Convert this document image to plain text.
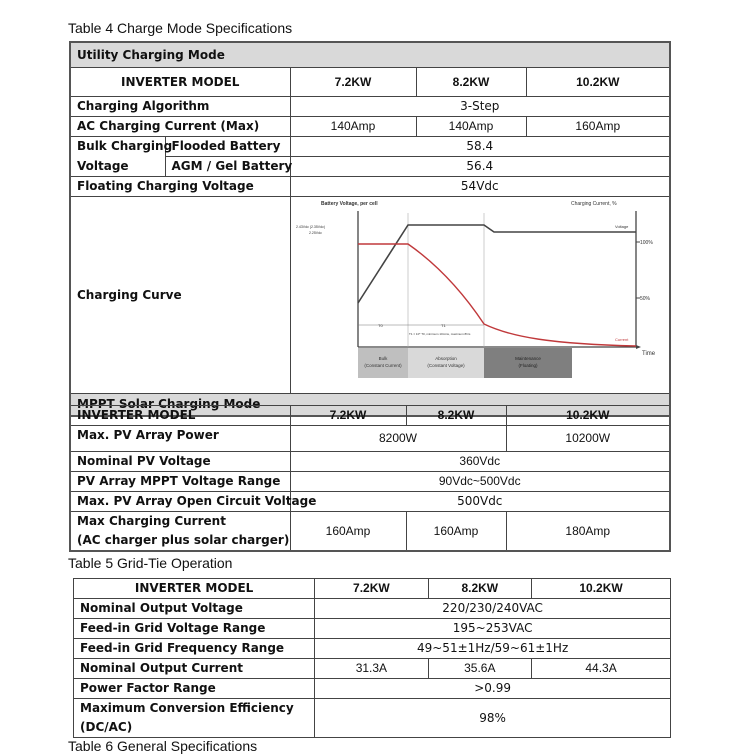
Table 4 Charge Mode Specifications
Utility Charging Mode				
INVERTER MODEL		7.2KW	8.2KW	10.2KW
Charging Algorithm		3-Step		
AC Charging Current (Max)		140Amp	140Amp	160Amp
Bulk Charging	Flooded Battery	58.4		
Voltage	AGM / Gel Battery	56.4		
Floating Charging Voltage		54Vdc		
Charging Curve	
Battery Voltage, per cell	Charging Current, %
2.43Vdc (2.35Vdc)
2.25Vdc
100%
50%
Voltage
Current
T0	T1
T1 = 10* T0, minimum 10mins, maximum 8hrs
Time
Bulk
(Constant Current)
Absorption
(Constant Voltage)
Maintenance
(Floating)

MPPT Solar Charging Mode				
INVERTER MODEL	7.2KW	8.2KW	10.2KW
Max. PV Array Power	8200W		10200W
Nominal PV Voltage	360Vdc		
PV Array MPPT Voltage Range	90Vdc~500Vdc		
Max. PV Array Open Circuit Voltage	500Vdc		

Max Charging Current
(AC charger plus solar charger)	160Amp	160Amp	180Amp
Table 5 Grid-Tie Operation
INVERTER MODEL	7.2KW	8.2KW	10.2KW
Nominal Output Voltage	220/230/240VAC		
Feed-in Grid Voltage Range	195~253VAC		
Feed-in Grid Frequency Range	49~51±1Hz/59~61±1Hz		
Nominal Output Current	31.3A	35.6A	44.3A
Power Factor Range	>0.99		

Maximum Conversion Efficiency
(DC/AC)	98%		
Table 6 General Specifications
